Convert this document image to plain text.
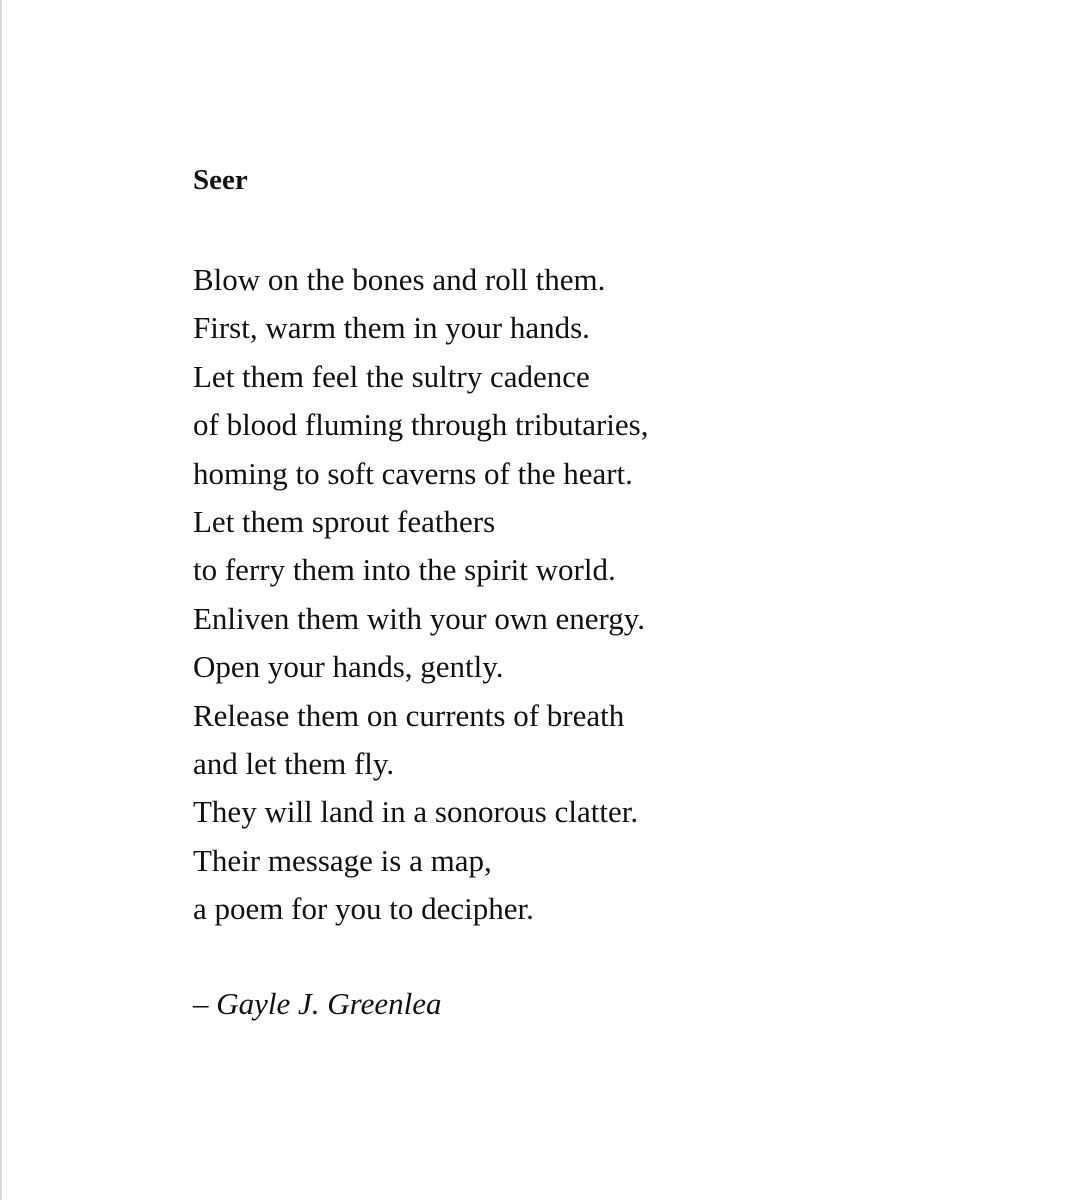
Seer
Blow on the bones and roll them.
First, warm them in your hands.
Let them feel the sultry cadence
of blood fluming through tributaries,
homing to soft caverns of the heart.
Let them sprout feathers
to ferry them into the spirit world.
Enliven them with your own energy.
Open your hands, gently.
Release them on currents of breath
and let them fly.
They will land in a sonorous clatter.
Their message is a map,
a poem for you to decipher.
– Gayle J. Greenlea
